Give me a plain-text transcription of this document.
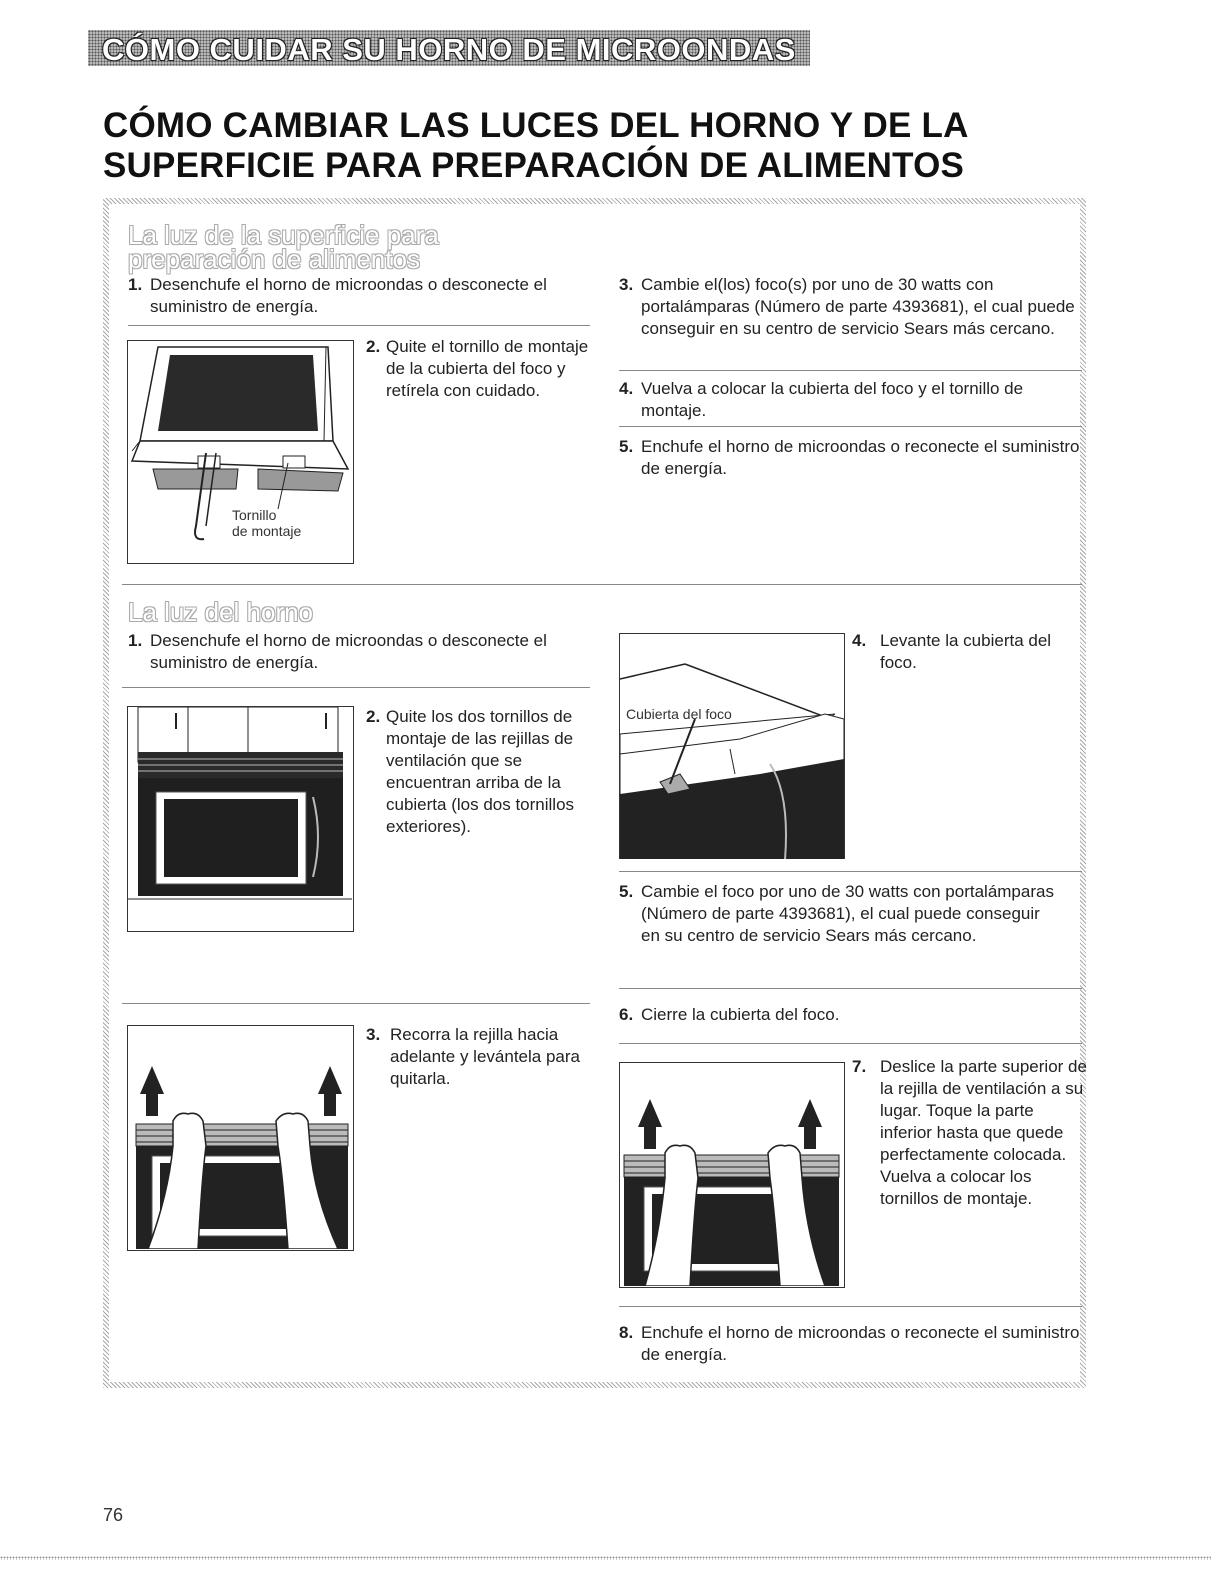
CÓMO CUIDAR SU HORNO DE MICROONDAS
CÓMO CAMBIAR LAS LUCES DEL HORNO Y DE LA
SUPERFICIE PARA PREPARACIÓN DE ALIMENTOS
La luz de la superficie para
preparación de alimentos
1. Desenchufe el horno de microondas o desconecte el suministro de energía.
Tornillo
de montaje
2. Quite el tornillo de montaje de la cubierta del foco y retírela con cuidado.
3. Cambie el(los) foco(s) por uno de 30 watts con portalámparas (Número de parte 4393681), el cual puede conseguir en su centro de servicio Sears más cercano.
4. Vuelva a colocar la cubierta del foco y el tornillo de montaje.
5. Enchufe el horno de microondas o reconecte el suministro de energía.
La luz del horno
1. Desenchufe el horno de microondas o desconecte el suministro de energía.
2. Quite los dos tornillos de montaje de las rejillas de ventilación que se encuentran arriba de la cubierta (los dos tornillos exteriores).
Cubierta del foco
4. Levante la cubierta del foco.
5. Cambie el foco por uno de 30 watts con portalámparas (Número de parte 4393681), el cual puede conseguir en su centro de servicio Sears más cercano.
3. Recorra la rejilla hacia adelante y levántela para quitarla.
6. Cierre la cubierta del foco.
7. Deslice la parte superior de la rejilla de ventilación a su lugar. Toque la parte inferior hasta que quede perfectamente colocada. Vuelva a colocar los tornillos de montaje.
8. Enchufe el horno de microondas o reconecte el suministro de energía.
76
